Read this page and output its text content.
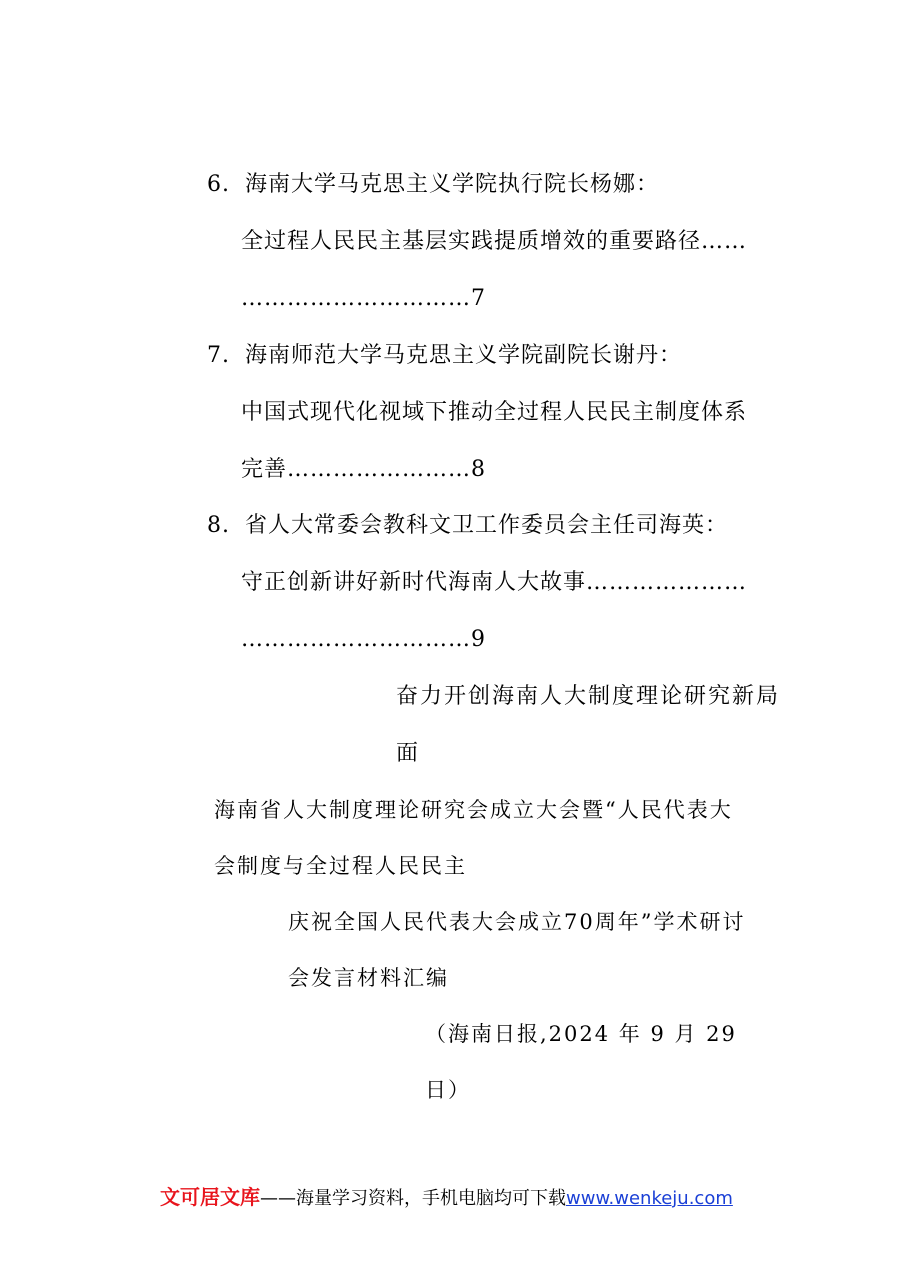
6. 海南大学马克思主义学院执行院长杨娜：
全过程人民民主基层实践提质增效的重要路径……
…………………………7
7. 海南师范大学马克思主义学院副院长谢丹：
中国式现代化视域下推动全过程人民民主制度体系
完善……………………8
8. 省人大常委会教科文卫工作委员会主任司海英：
守正创新讲好新时代海南人大故事…………………
…………………………9
奋力开创海南人大制度理论研究新局
面
海南省人大制度理论研究会成立大会暨“人民代表大
会制度与全过程人民民主
庆祝全国人民代表大会成立70周年”学术研讨
会发言材料汇编
（海南日报,2024 年 9 月 29
日）
文可居文库——海量学习资料，手机电脑均可下载www.wenkeju.com
